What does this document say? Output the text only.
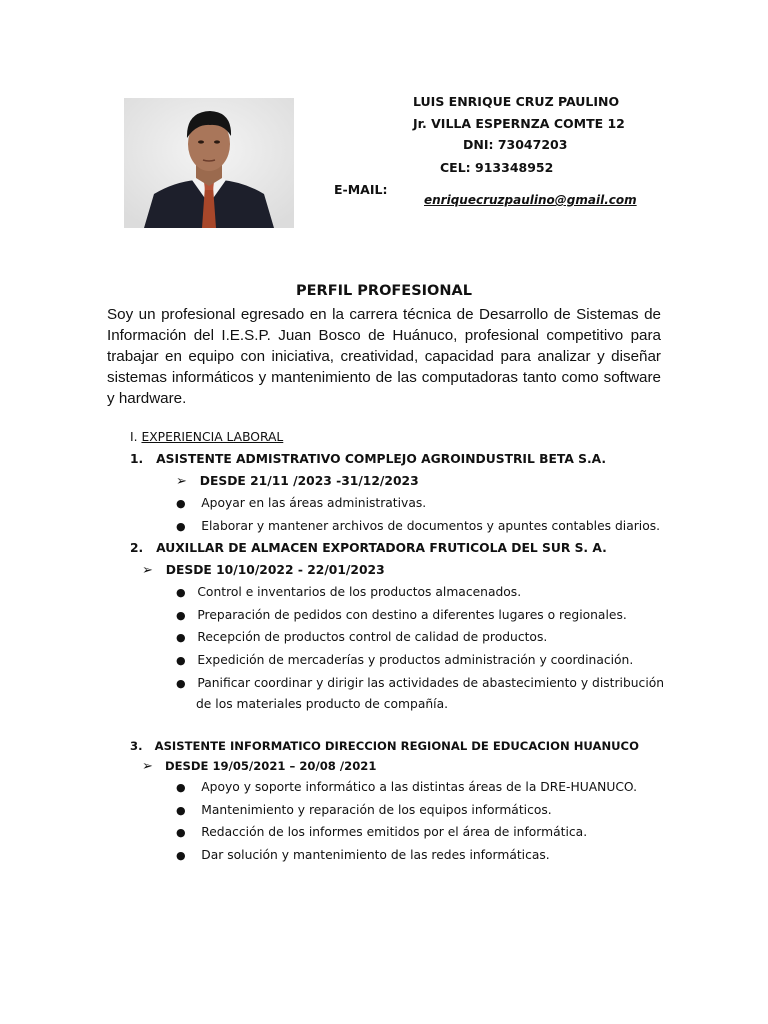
LUIS ENRIQUE CRUZ PAULINO
Jr. VILLA ESPERNZA COMTE 12
DNI: 73047203
CEL: 913348952
E-MAIL:
enriquecruzpaulino@gmail.com
PERFIL PROFESIONAL

Soy un profesional egresado en la carrera técnica de Desarrollo de Sistemas de Información del I.E.S.P. Juan Bosco de Huánuco, profesional competitivo para trabajar en equipo con iniciativa, creatividad, capacidad para analizar y diseñar sistemas informáticos y mantenimiento de las computadoras tanto como software y hardware.

I. EXPERIENCIA LABORAL
1. ASISTENTE ADMISTRATIVO COMPLEJO AGROINDUSTRIL BETA S.A.
➢ DESDE 21/11 /2023 -31/12/2023
● Apoyar en las áreas administrativas.
● Elaborar y mantener archivos de documentos y apuntes contables diarios.
2. AUXILLAR DE ALMACEN EXPORTADORA FRUTICOLA DEL SUR S. A.
➢ DESDE 10/10/2022 - 22/01/2023
● Control e inventarios de los productos almacenados.
● Preparación de pedidos con destino a diferentes lugares o regionales.
● Recepción de productos control de calidad de productos.
● Expedición de mercaderías y productos administración y coordinación.
● Panificar coordinar y dirigir las actividades de abastecimiento y distribución
de los materiales producto de compañía.
3. ASISTENTE INFORMATICO DIRECCION REGIONAL DE EDUCACION HUANUCO
➢ DESDE 19/05/2021 – 20/08 /2021
● Apoyo y soporte informático a las distintas áreas de la DRE-HUANUCO.
● Mantenimiento y reparación de los equipos informáticos.
● Redacción de los informes emitidos por el área de informática.
● Dar solución y mantenimiento de las redes informáticas.
